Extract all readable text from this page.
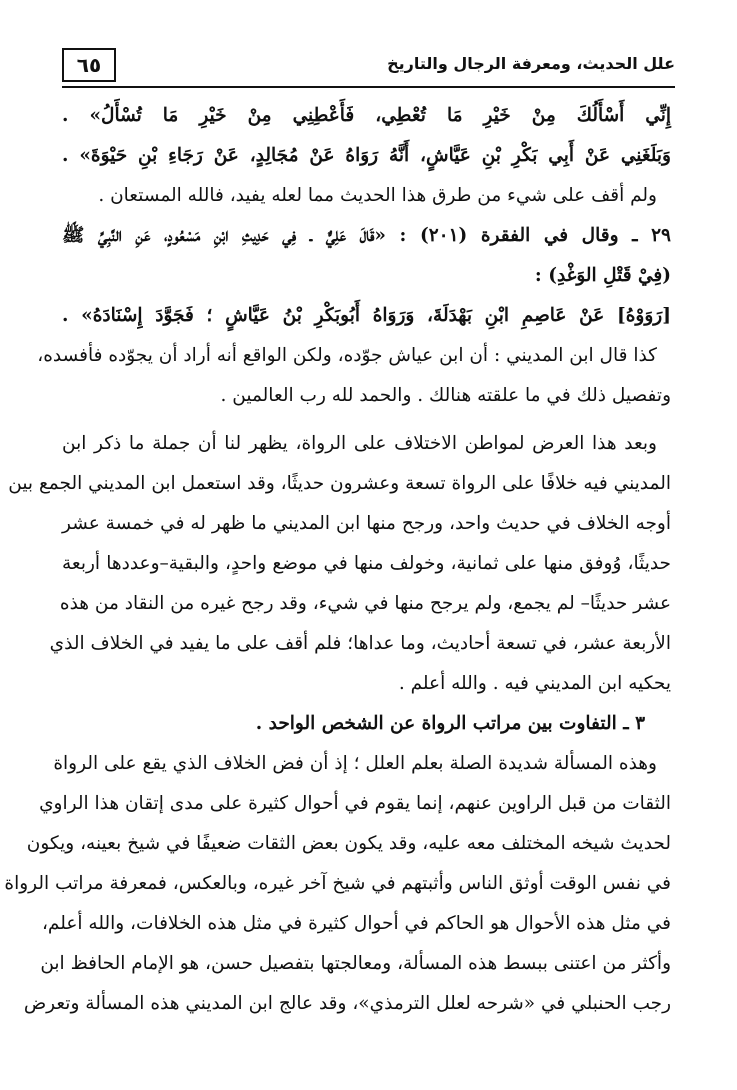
علل الحديث، ومعرفة الرجال والتاريخ
٦٥
إِنِّي أَسْأَلُكَ مِنْ خَيْرِ مَا تُعْطِي، فَأَعْطِنِي مِنْ خَيْرِ مَا تُسْأَلُ» .
وَبَلَغَنِي عَنْ أَبِي بَكْرِ بْنِ عَيَّاشٍ، أَنَّهُ رَوَاهُ عَنْ مُجَالِدٍ، عَنْ رَجَاءِ بْنِ حَيْوَةَ» .
ولم أقف على شيء من طرق هذا الحديث مما لعله يفيد، فالله المستعان .
٢٩ ـ وقال في الفقرة (٢٠١) : «قَالَ عَلِيٌّ ـ فِي حَدِيثِ ابْنِ مَسْعُودٍ، عَنِ النَّبِيِّ ﷺ
(فِيْ قَتْلِ الوَغْدِ) :
[رَوَوْهُ] عَنْ عَاصِمِ ابْنِ بَهْدَلَةَ، وَرَوَاهُ أَبُوبَكْرِ بْنُ عَيَّاشٍ ؛ فَجَوَّدَ إِسْنَادَهُ» .
كذا قال ابن المديني : أن ابن عياش جوّده، ولكن الواقع أنه أراد أن يجوّده فأفسده،
وتفصيل ذلك في ما علقته هنالك . والحمد لله رب العالمين .
وبعد هذا العرض لمواطن الاختلاف على الرواة، يظهر لنا أن جملة ما ذكر ابن
المديني فيه خلافًا على الرواة تسعة وعشرون حديثًا، وقد استعمل ابن المديني الجمع بين
أوجه الخلاف في حديث واحد، ورجح منها ابن المديني ما ظهر له في خمسة عشر
حديثًا، وُوفق منها على ثمانية، وخولف منها في موضع واحدٍ، والبقية–وعددها أربعة
عشر حديثًا– لم يجمع، ولم يرجح منها في شيء، وقد رجح غيره من النقاد من هذه
الأربعة عشر، في تسعة أحاديث، وما عداها؛ فلم أقف على ما يفيد في الخلاف الذي
يحكيه ابن المديني فيه . والله أعلم .
٣ ـ التفاوت بين مراتب الرواة عن الشخص الواحد .
وهذه المسألة شديدة الصلة بعلم العلل ؛ إذ أن فض الخلاف الذي يقع على الرواة
الثقات من قبل الراوين عنهم، إنما يقوم في أحوال كثيرة على مدى إتقان هذا الراوي
لحديث شيخه المختلف معه عليه، وقد يكون بعض الثقات ضعيفًا في شيخ بعينه، ويكون
في نفس الوقت أوثق الناس وأثبتهم في شيخ آخر غيره، وبالعكس، فمعرفة مراتب الرواة
في مثل هذه الأحوال هو الحاكم في أحوال كثيرة في مثل هذه الخلافات، والله أعلم،
وأكثر من اعتنى ببسط هذه المسألة، ومعالجتها بتفصيل حسن، هو الإمام الحافظ ابن
رجب الحنبلي في «شرحه لعلل الترمذي»، وقد عالج ابن المديني هذه المسألة وتعرض
